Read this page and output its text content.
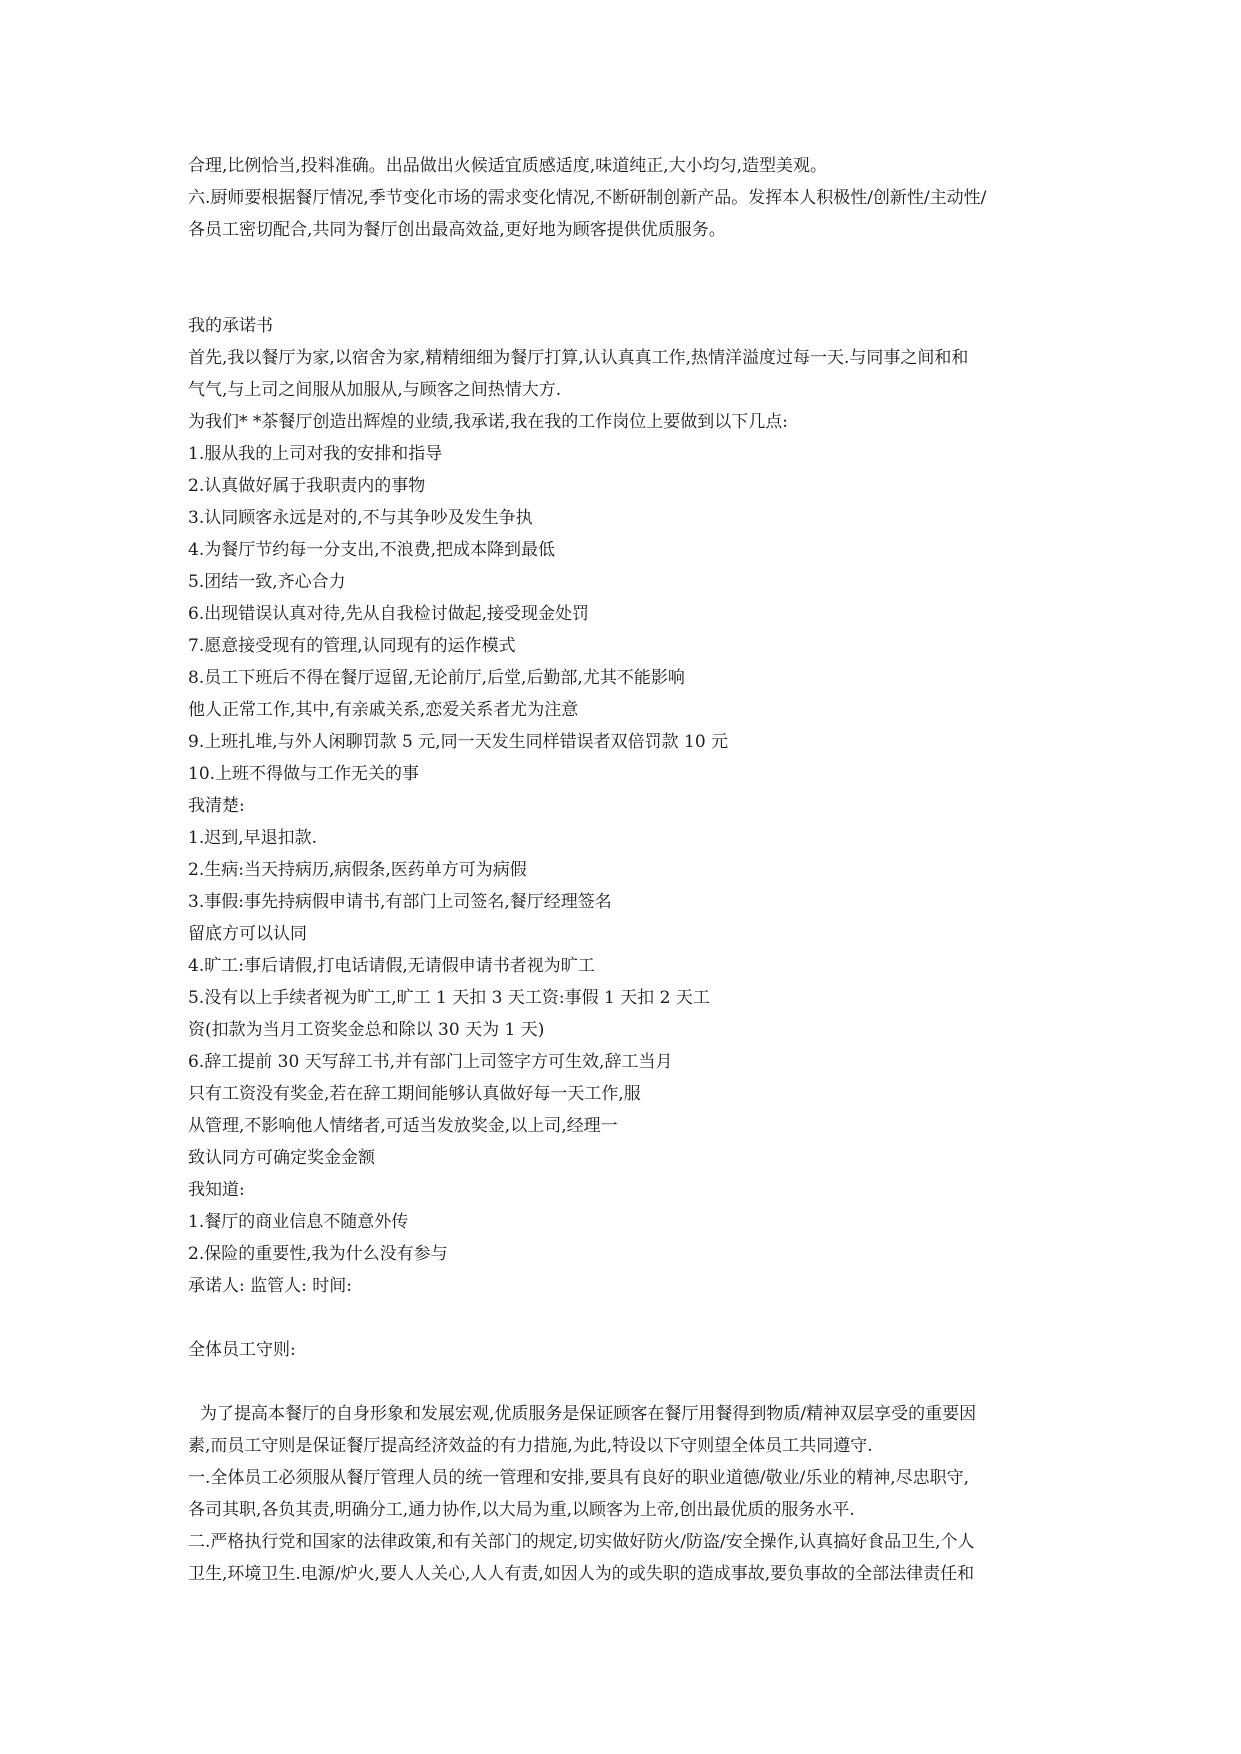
合理,比例恰当,投料准确。出品做出火候适宜质感适度,味道纯正,大小均匀,造型美观。
六.厨师要根据餐厅情况,季节变化市场的需求变化情况,不断研制创新产品。发挥本人积极性/创新性/主动性/
各员工密切配合,共同为餐厅创出最高效益,更好地为顾客提供优质服务。
我的承诺书
首先,我以餐厅为家,以宿舍为家,精精细细为餐厅打算,认认真真工作,热情洋溢度过每一天.与同事之间和和
气气,与上司之间服从加服从,与顾客之间热情大方.
为我们* *茶餐厅创造出辉煌的业绩,我承诺,我在我的工作岗位上要做到以下几点:
1.服从我的上司对我的安排和指导
2.认真做好属于我职责内的事物
3.认同顾客永远是对的,不与其争吵及发生争执
4.为餐厅节约每一分支出,不浪费,把成本降到最低
5.团结一致,齐心合力
6.出现错误认真对待,先从自我检讨做起,接受现金处罚
7.愿意接受现有的管理,认同现有的运作模式
8.员工下班后不得在餐厅逗留,无论前厅,后堂,后勤部,尤其不能影响
他人正常工作,其中,有亲戚关系,恋爱关系者尤为注意
9.上班扎堆,与外人闲聊罚款 5 元,同一天发生同样错误者双倍罚款 10 元
10.上班不得做与工作无关的事
我清楚:
1.迟到,早退扣款.
2.生病:当天持病历,病假条,医药单方可为病假
3.事假:事先持病假申请书,有部门上司签名,餐厅经理签名
留底方可以认同
4.旷工:事后请假,打电话请假,无请假申请书者视为旷工
5.没有以上手续者视为旷工,旷工 1 天扣 3 天工资:事假 1 天扣 2 天工
资(扣款为当月工资奖金总和除以 30 天为 1 天)
6.辞工提前 30 天写辞工书,并有部门上司签字方可生效,辞工当月
只有工资没有奖金,若在辞工期间能够认真做好每一天工作,服
从管理,不影响他人情绪者,可适当发放奖金,以上司,经理一
致认同方可确定奖金金额
我知道:
1.餐厅的商业信息不随意外传
2.保险的重要性,我为什么没有参与
承诺人: 监管人: 时间:
全体员工守则:
为了提高本餐厅的自身形象和发展宏观,优质服务是保证顾客在餐厅用餐得到物质/精神双层享受的重要因
素,而员工守则是保证餐厅提高经济效益的有力措施,为此,特设以下守则望全体员工共同遵守.
一.全体员工必须服从餐厅管理人员的统一管理和安排,要具有良好的职业道德/敬业/乐业的精神,尽忠职守,
各司其职,各负其责,明确分工,通力协作,以大局为重,以顾客为上帝,创出最优质的服务水平.
二.严格执行党和国家的法律政策,和有关部门的规定,切实做好防火/防盗/安全操作,认真搞好食品卫生,个人
卫生,环境卫生.电源/炉火,要人人关心,人人有责,如因人为的或失职的造成事故,要负事故的全部法律责任和
